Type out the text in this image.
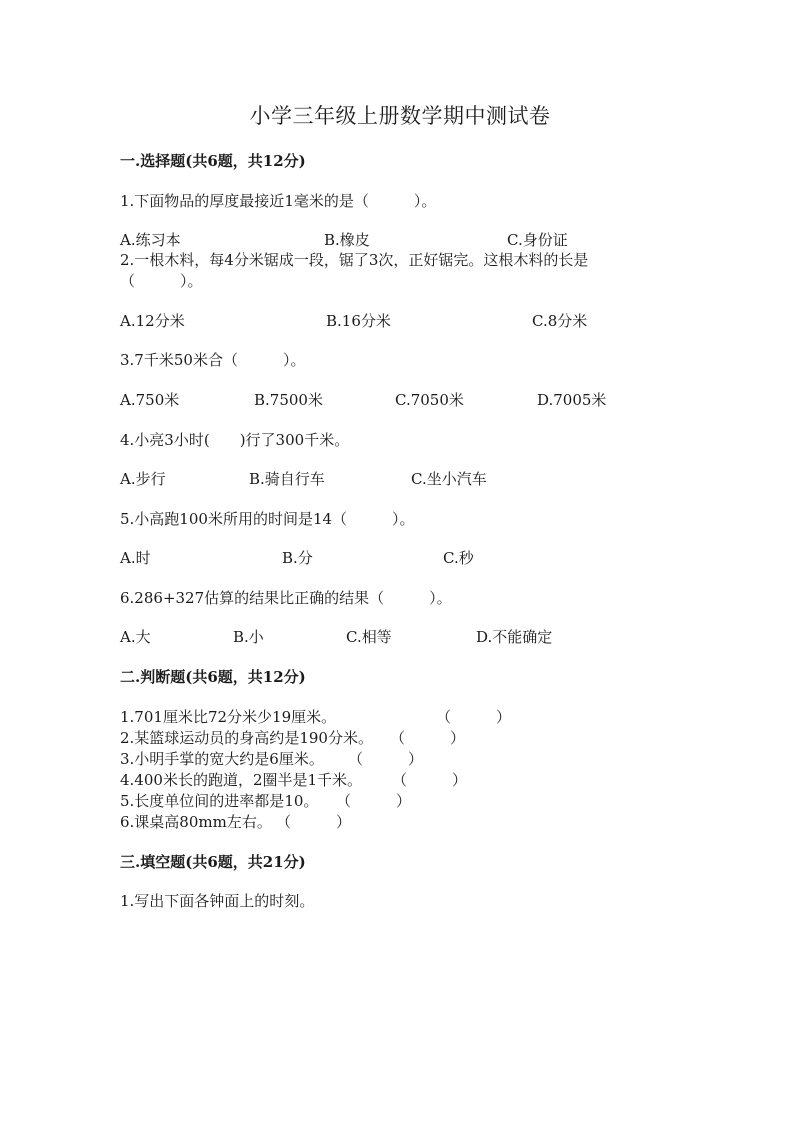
小学三年级上册数学期中测试卷
一.选择题(共6题，共12分)
1.下面物品的厚度最接近1毫米的是（　　　）。
A.练习本	B.橡皮	C.身份证
2.一根木料，每4分米锯成一段，锯了3次，正好锯完。这根木料的长是
（　　　）。
A.12分米	B.16分米	C.8分米
3.7千米50米合（　　　）。
A.750米	B.7500米	C.7050米	D.7005米
4.小亮3小时(　　)行了300千米。
A.步行	B.骑自行车	C.坐小汽车
5.小高跑100米所用的时间是14（　　　）。
A.时	B.分	C.秒
6.286+327估算的结果比正确的结果（　　　）。
A.大	B.小	C.相等	D.不能确定
二.判断题(共6题，共12分)
1.701厘米比72分米少19厘米。	（　　　）
2.某篮球运动员的身高约是190分米。 （　　　）
3.小明手掌的宽大约是6厘米。 （　　　）
4.400米长的跑道，2圈半是1千米。 （　　　）
5.长度单位间的进率都是10。 （　　　）
6.课桌高80mm左右。 （　　　）
三.填空题(共6题，共21分)
1.写出下面各钟面上的时刻。
